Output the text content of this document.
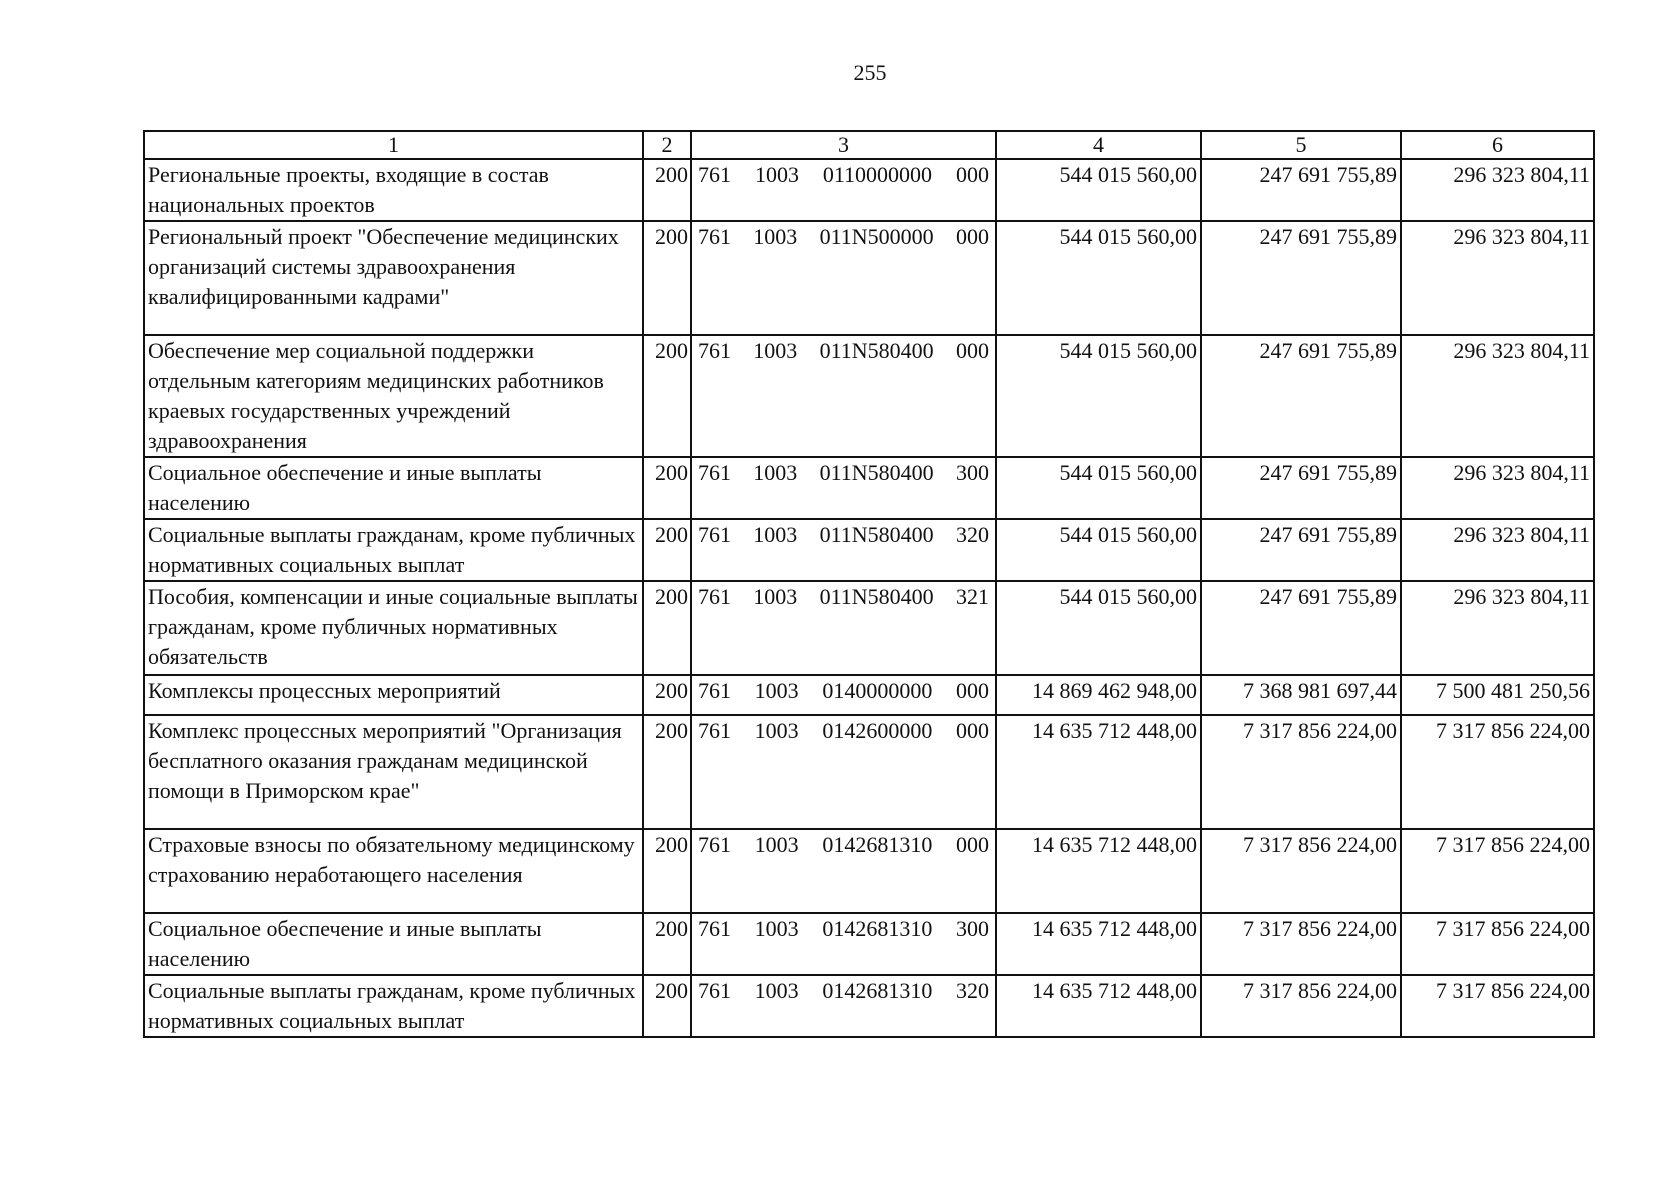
255
1	2	3	4	5	6
Региональные проекты, входящие в состав национальных проектов	200	761 1003 0110000000 000	544 015 560,00	247 691 755,89	296 323 804,11
Региональный проект "Обеспечение медицинских организаций системы здравоохранения квалифицированными кадрами"	200	761 1003 011N500000 000	544 015 560,00	247 691 755,89	296 323 804,11
Обеспечение мер социальной поддержки отдельным категориям медицинских работников краевых государственных учреждений здравоохранения	200	761 1003 011N580400 000	544 015 560,00	247 691 755,89	296 323 804,11
Социальное обеспечение и иные выплаты населению	200	761 1003 011N580400 300	544 015 560,00	247 691 755,89	296 323 804,11
Социальные выплаты гражданам, кроме публичных нормативных социальных выплат	200	761 1003 011N580400 320	544 015 560,00	247 691 755,89	296 323 804,11
Пособия, компенсации и иные социальные выплаты гражданам, кроме публичных нормативных обязательств	200	761 1003 011N580400 321	544 015 560,00	247 691 755,89	296 323 804,11
Комплексы процессных мероприятий	200	761 1003 0140000000 000	14 869 462 948,00	7 368 981 697,44	7 500 481 250,56
Комплекс процессных мероприятий "Организация бесплатного оказания гражданам медицинской помощи в Приморском крае"	200	761 1003 0142600000 000	14 635 712 448,00	7 317 856 224,00	7 317 856 224,00
Страховые взносы по обязательному медицинскому страхованию неработающего населения	200	761 1003 0142681310 000	14 635 712 448,00	7 317 856 224,00	7 317 856 224,00
Социальное обеспечение и иные выплаты населению	200	761 1003 0142681310 300	14 635 712 448,00	7 317 856 224,00	7 317 856 224,00
Социальные выплаты гражданам, кроме публичных нормативных социальных выплат	200	761 1003 0142681310 320	14 635 712 448,00	7 317 856 224,00	7 317 856 224,00
